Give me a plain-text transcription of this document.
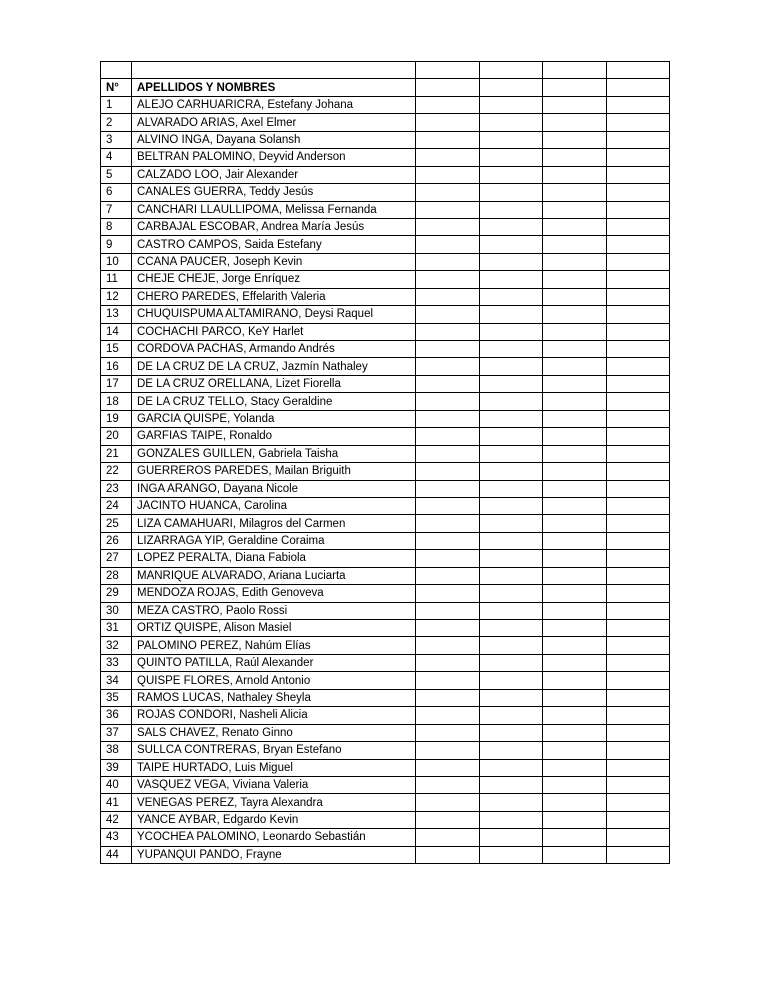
N°	APELLIDOS Y NOMBRES				
1	ALEJO CARHUARICRA, Estefany Johana				
2	ALVARADO ARIAS, Axel Elmer				
3	ALVINO INGA, Dayana Solansh				
4	BELTRAN PALOMINO, Deyvid Anderson				
5	CALZADO LOO, Jair Alexander				
6	CANALES GUERRA, Teddy Jesús				
7	CANCHARI LLAULLIPOMA, Melissa Fernanda				
8	CARBAJAL ESCOBAR, Andrea María Jesús				
9	CASTRO CAMPOS, Saida Estefany				
10	CCANA PAUCER, Joseph Kevin				
11	CHEJE CHEJE, Jorge Enríquez				
12	CHERO PAREDES, Effelarith Valeria				
13	CHUQUISPUMA ALTAMIRANO, Deysi Raquel				
14	COCHACHI PARCO, KeY Harlet				
15	CORDOVA PACHAS, Armando Andrés				
16	DE LA CRUZ DE LA CRUZ, Jazmín Nathaley				
17	DE LA CRUZ ORELLANA, Lizet Fiorella				
18	DE LA CRUZ TELLO, Stacy Geraldine				
19	GARCIA QUISPE, Yolanda				
20	GARFIAS TAIPE, Ronaldo				
21	GONZALES GUILLEN, Gabriela Taisha				
22	GUERREROS PAREDES, Mailan Briguith				
23	INGA ARANGO, Dayana Nicole				
24	JACINTO HUANCA, Carolina				
25	LIZA CAMAHUARI, Milagros del Carmen				
26	LIZARRAGA YIP, Geraldine Coraima				
27	LOPEZ PERALTA, Diana Fabiola				
28	MANRIQUE ALVARADO, Ariana Luciarta				
29	MENDOZA ROJAS, Edith Genoveva				
30	MEZA CASTRO, Paolo Rossi				
31	ORTIZ QUISPE, Alison Masiel				
32	PALOMINO PEREZ, Nahúm Elías				
33	QUINTO PATILLA, Raúl Alexander				
34	QUISPE FLORES, Arnold Antonio				
35	RAMOS LUCAS, Nathaley Sheyla				
36	ROJAS CONDORI, Nasheli Alicia				
37	SALS CHAVEZ, Renato Ginno				
38	SULLCA CONTRERAS, Bryan Estefano				
39	TAIPE HURTADO, Luis Miguel				
40	VASQUEZ VEGA, Viviana Valeria				
41	VENEGAS PEREZ, Tayra Alexandra				
42	YANCE AYBAR, Edgardo Kevin				
43	YCOCHEA PALOMINO, Leonardo Sebastián				
44	YUPANQUI PANDO, Frayne				
